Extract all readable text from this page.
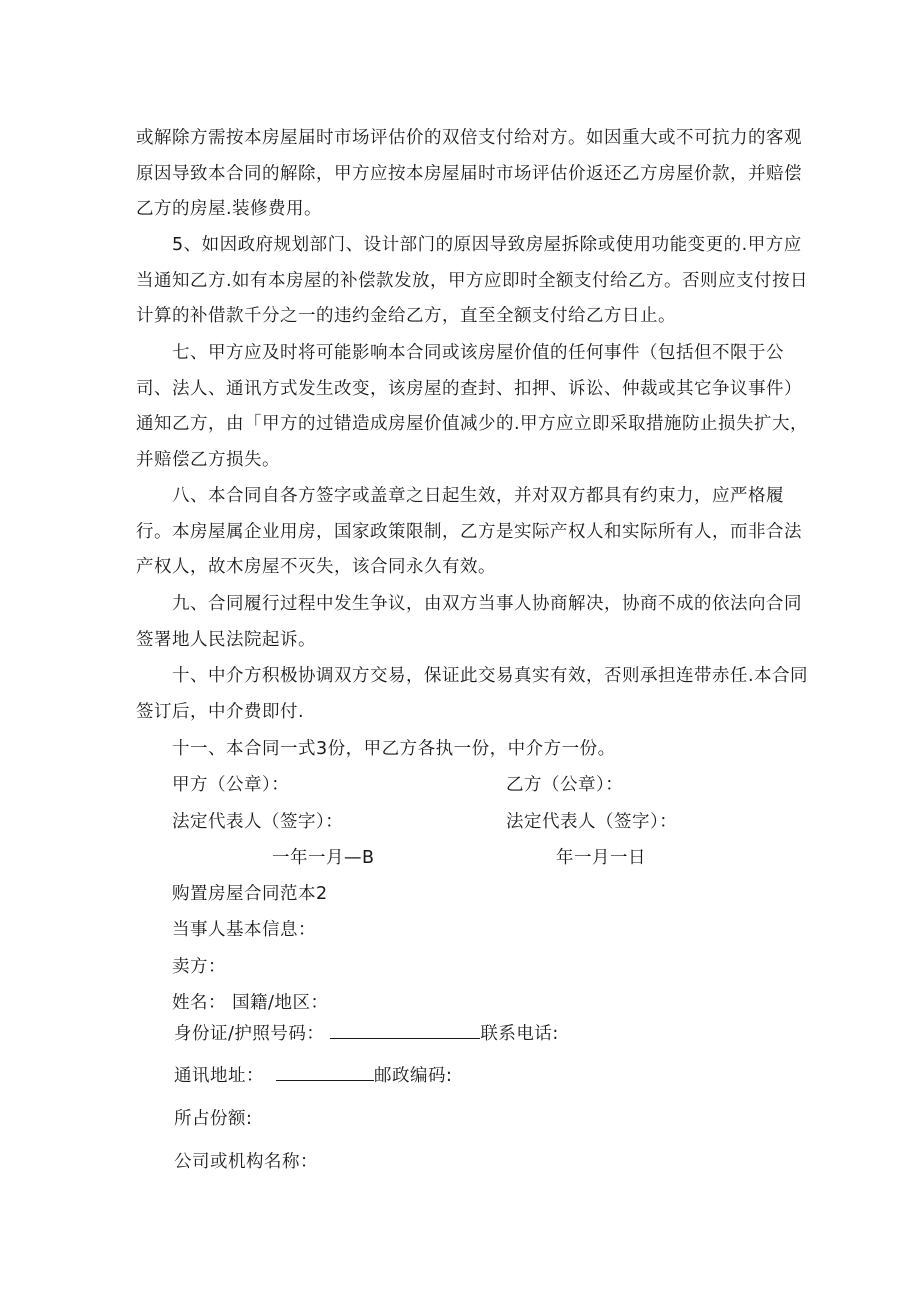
或解除方需按本房屋届时市场评估价的双倍支付给对方。如因重大或不可抗力的客观
原因导致本合同的解除，甲方应按本房屋届时市场评估价返还乙方房屋价款，并赔偿
乙方的房屋.装修费用。
5、如因政府规划部门、设计部门的原因导致房屋拆除或使用功能变更的.甲方应
当通知乙方.如有本房屋的补偿款发放，甲方应即时全额支付给乙方。否则应支付按日
计算的补借款千分之一的违约金给乙方，直至全额支付给乙方日止。
七、甲方应及时将可能影响本合同或该房屋价值的任何事件（包括但不限于公
司、法人、通讯方式发生改变，该房屋的查封、扣押、诉讼、仲裁或其它争议事件）
通知乙方，由「甲方的过错造成房屋价值减少的.甲方应立即采取措施防止损失扩大，
并赔偿乙方损失。
八、本合同自各方签字或盖章之日起生效，并对双方都具有约束力，应严格履
行。本房屋属企业用房，国家政策限制，乙方是实际产权人和实际所有人，而非合法
产权人，故木房屋不灭失，该合同永久有效。
九、合同履行过程中发生争议，由双方当事人协商解决，协商不成的依法向合同
签署地人民法院起诉。
十、中介方积极协调双方交易，保证此交易真实有效，否则承担连带赤任.本合同
签订后，中介费即付.
十一、本合同一式3份，甲乙方各执一份，中介方一份。
甲方（公章）：	乙方（公章）：
法定代表人（签字）：	法定代表人（签字）：
一年一月—B	年一月一日
购置房屋合同范本2
当事人基本信息：
卖方：
姓名： 国籍/地区：
身份证/护照号码：	联系电话:
通讯地址：	邮政编码:
所占份额:
公司或机构名称：
